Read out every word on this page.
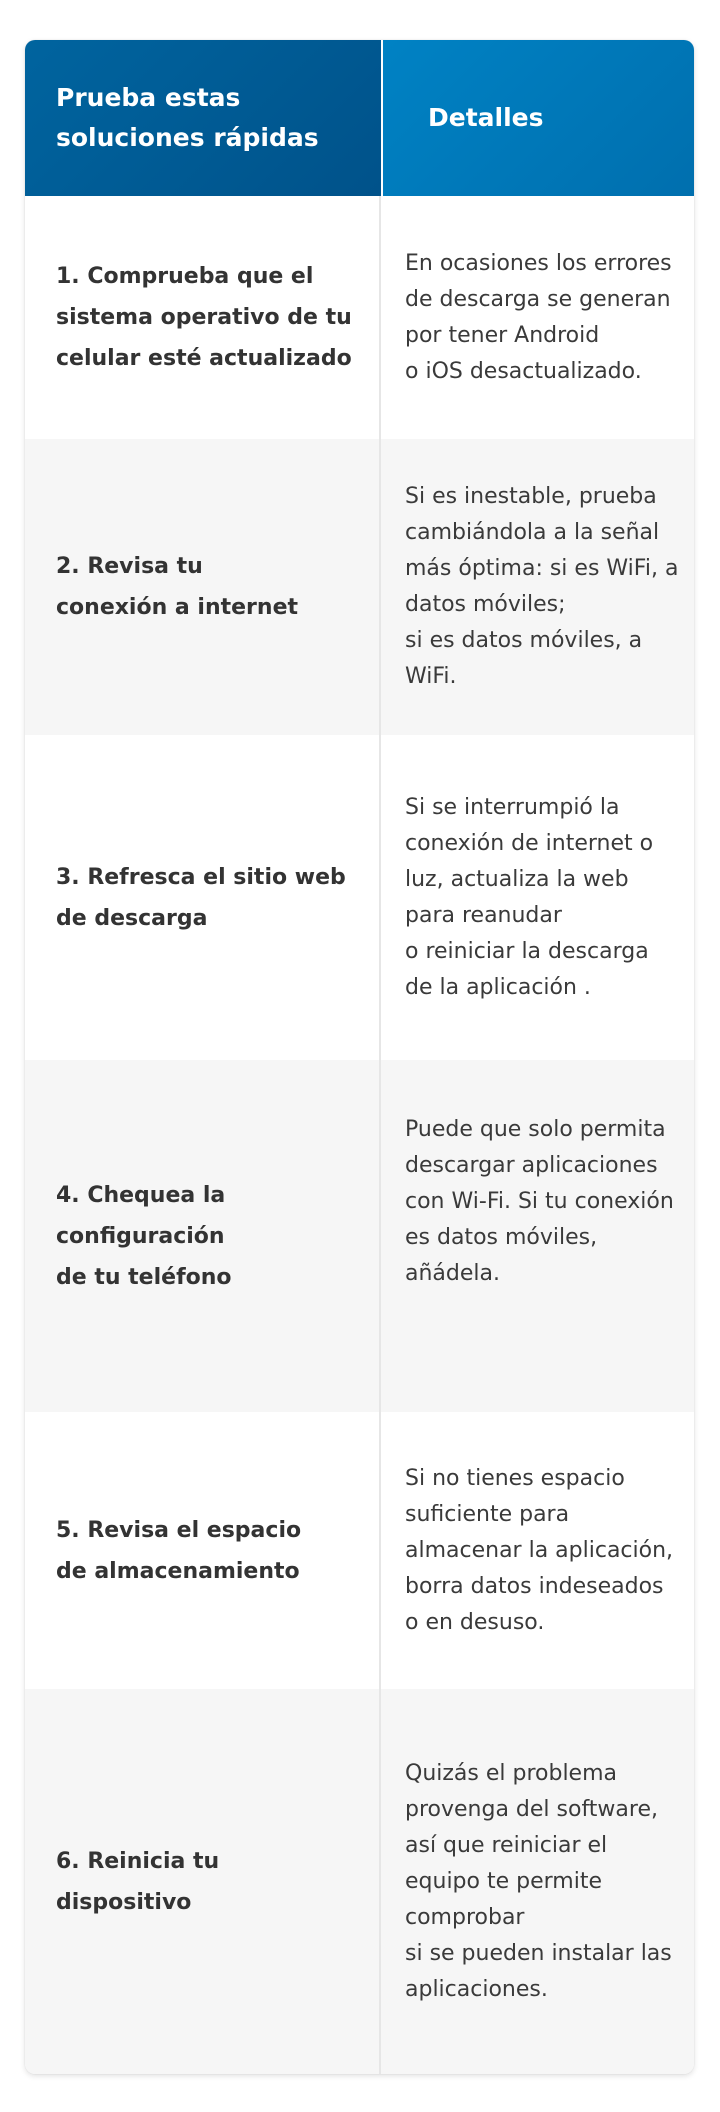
Prueba estas soluciones rápidas
Detalles
1. Comprueba que el
sistema operativo de tu
celular esté actualizado
En ocasiones los errores
de descarga se generan
por tener Android
o iOS desactualizado.
2. Revisa tu
conexión a internet
Si es inestable, prueba
cambiándola a la señal
más óptima: si es WiFi, a
datos móviles;
si es datos móviles, a
WiFi.
3. Refresca el sitio web
de descarga
Si se interrumpió la
conexión de internet o
luz, actualiza la web
para reanudar
o reiniciar la descarga
de la aplicación .
4. Chequea la
configuración
de tu teléfono
Puede que solo permita
descargar aplicaciones
con Wi-Fi. Si tu conexión
es datos móviles,
añádela.
5. Revisa el espacio
de almacenamiento
Si no tienes espacio
suficiente para
almacenar la aplicación,
borra datos indeseados
o en desuso.
6. Reinicia tu dispositivo
Quizás el problema
provenga del software,
así que reiniciar el
equipo te permite
comprobar
si se pueden instalar las
aplicaciones.
